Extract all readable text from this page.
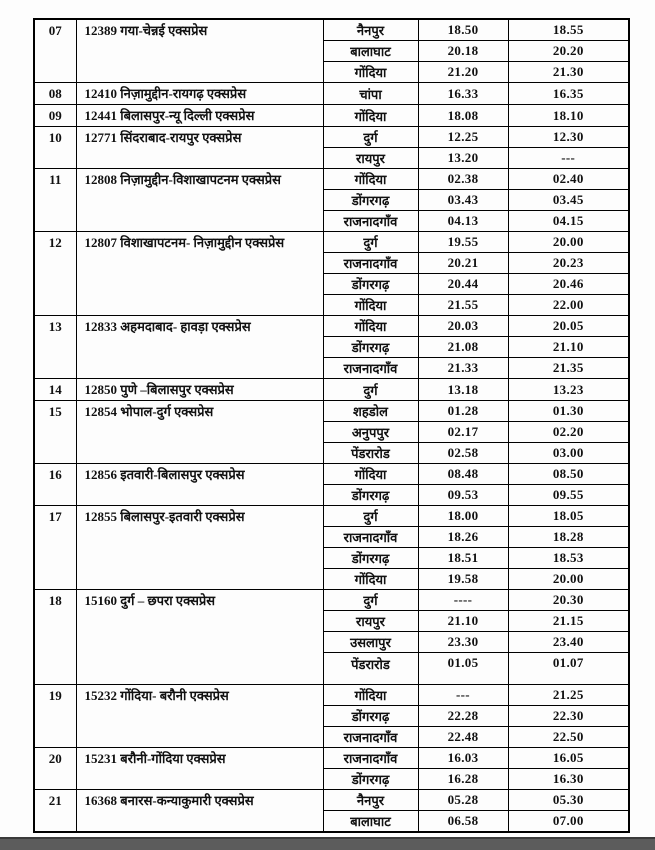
07	12389 गया-चेन्नई एक्सप्रेस	नैनपुर	18.50	18.55
		बालाघाट	20.18	20.20
		गोंदिया	21.20	21.30
08	12410 निज़ामुद्दीन-रायगढ़ एक्सप्रेस	चांपा	16.33	16.35
09	12441 बिलासपुर-न्यू दिल्ली एक्सप्रेस	गोंदिया	18.08	18.10
10	12771 सिंदराबाद-रायपुर एक्सप्रेस	दुर्ग	12.25	12.30
		रायपुर	13.20	---
11	12808 निज़ामुद्दीन-विशाखापटनम एक्सप्रेस	गोंदिया	02.38	02.40
		डोंगरगढ़	03.43	03.45
		राजनादगाँव	04.13	04.15
12	12807 विशाखापटनम- निज़ामुद्दीन एक्सप्रेस	दुर्ग	19.55	20.00
		राजनादगाँव	20.21	20.23
		डोंगरगढ़	20.44	20.46
		गोंदिया	21.55	22.00
13	12833 अहमदाबाद- हावड़ा एक्सप्रेस	गोंदिया	20.03	20.05
		डोंगरगढ़	21.08	21.10
		राजनादगाँव	21.33	21.35
14	12850 पुणे –बिलासपुर एक्सप्रेस	दुर्ग	13.18	13.23
15	12854 भोपाल-दुर्ग एक्सप्रेस	शहडोल	01.28	01.30
		अनुपपुर	02.17	02.20
		पेंडरारोड	02.58	03.00
16	12856 इतवारी-बिलासपुर एक्सप्रेस	गोंदिया	08.48	08.50
		डोंगरगढ़	09.53	09.55
17	12855 बिलासपुर-इतवारी एक्सप्रेस	दुर्ग	18.00	18.05
		राजनादगाँव	18.26	18.28
		डोंगरगढ़	18.51	18.53
		गोंदिया	19.58	20.00
18	15160 दुर्ग – छपरा एक्सप्रेस	दुर्ग	----	20.30
		रायपुर	21.10	21.15
		उसलापुर	23.30	23.40
		पेंडरारोड	01.05	01.07
19	15232 गोंदिया- बरौनी एक्सप्रेस	गोंदिया	---	21.25
		डोंगरगढ़	22.28	22.30
		राजनादगाँव	22.48	22.50
20	15231 बरौनी-गोंदिया एक्सप्रेस	राजनादगाँव	16.03	16.05
		डोंगरगढ़	16.28	16.30
21	16368 बनारस-कन्याकुमारी एक्सप्रेस	नैनपुर	05.28	05.30
		बालाघाट	06.58	07.00
